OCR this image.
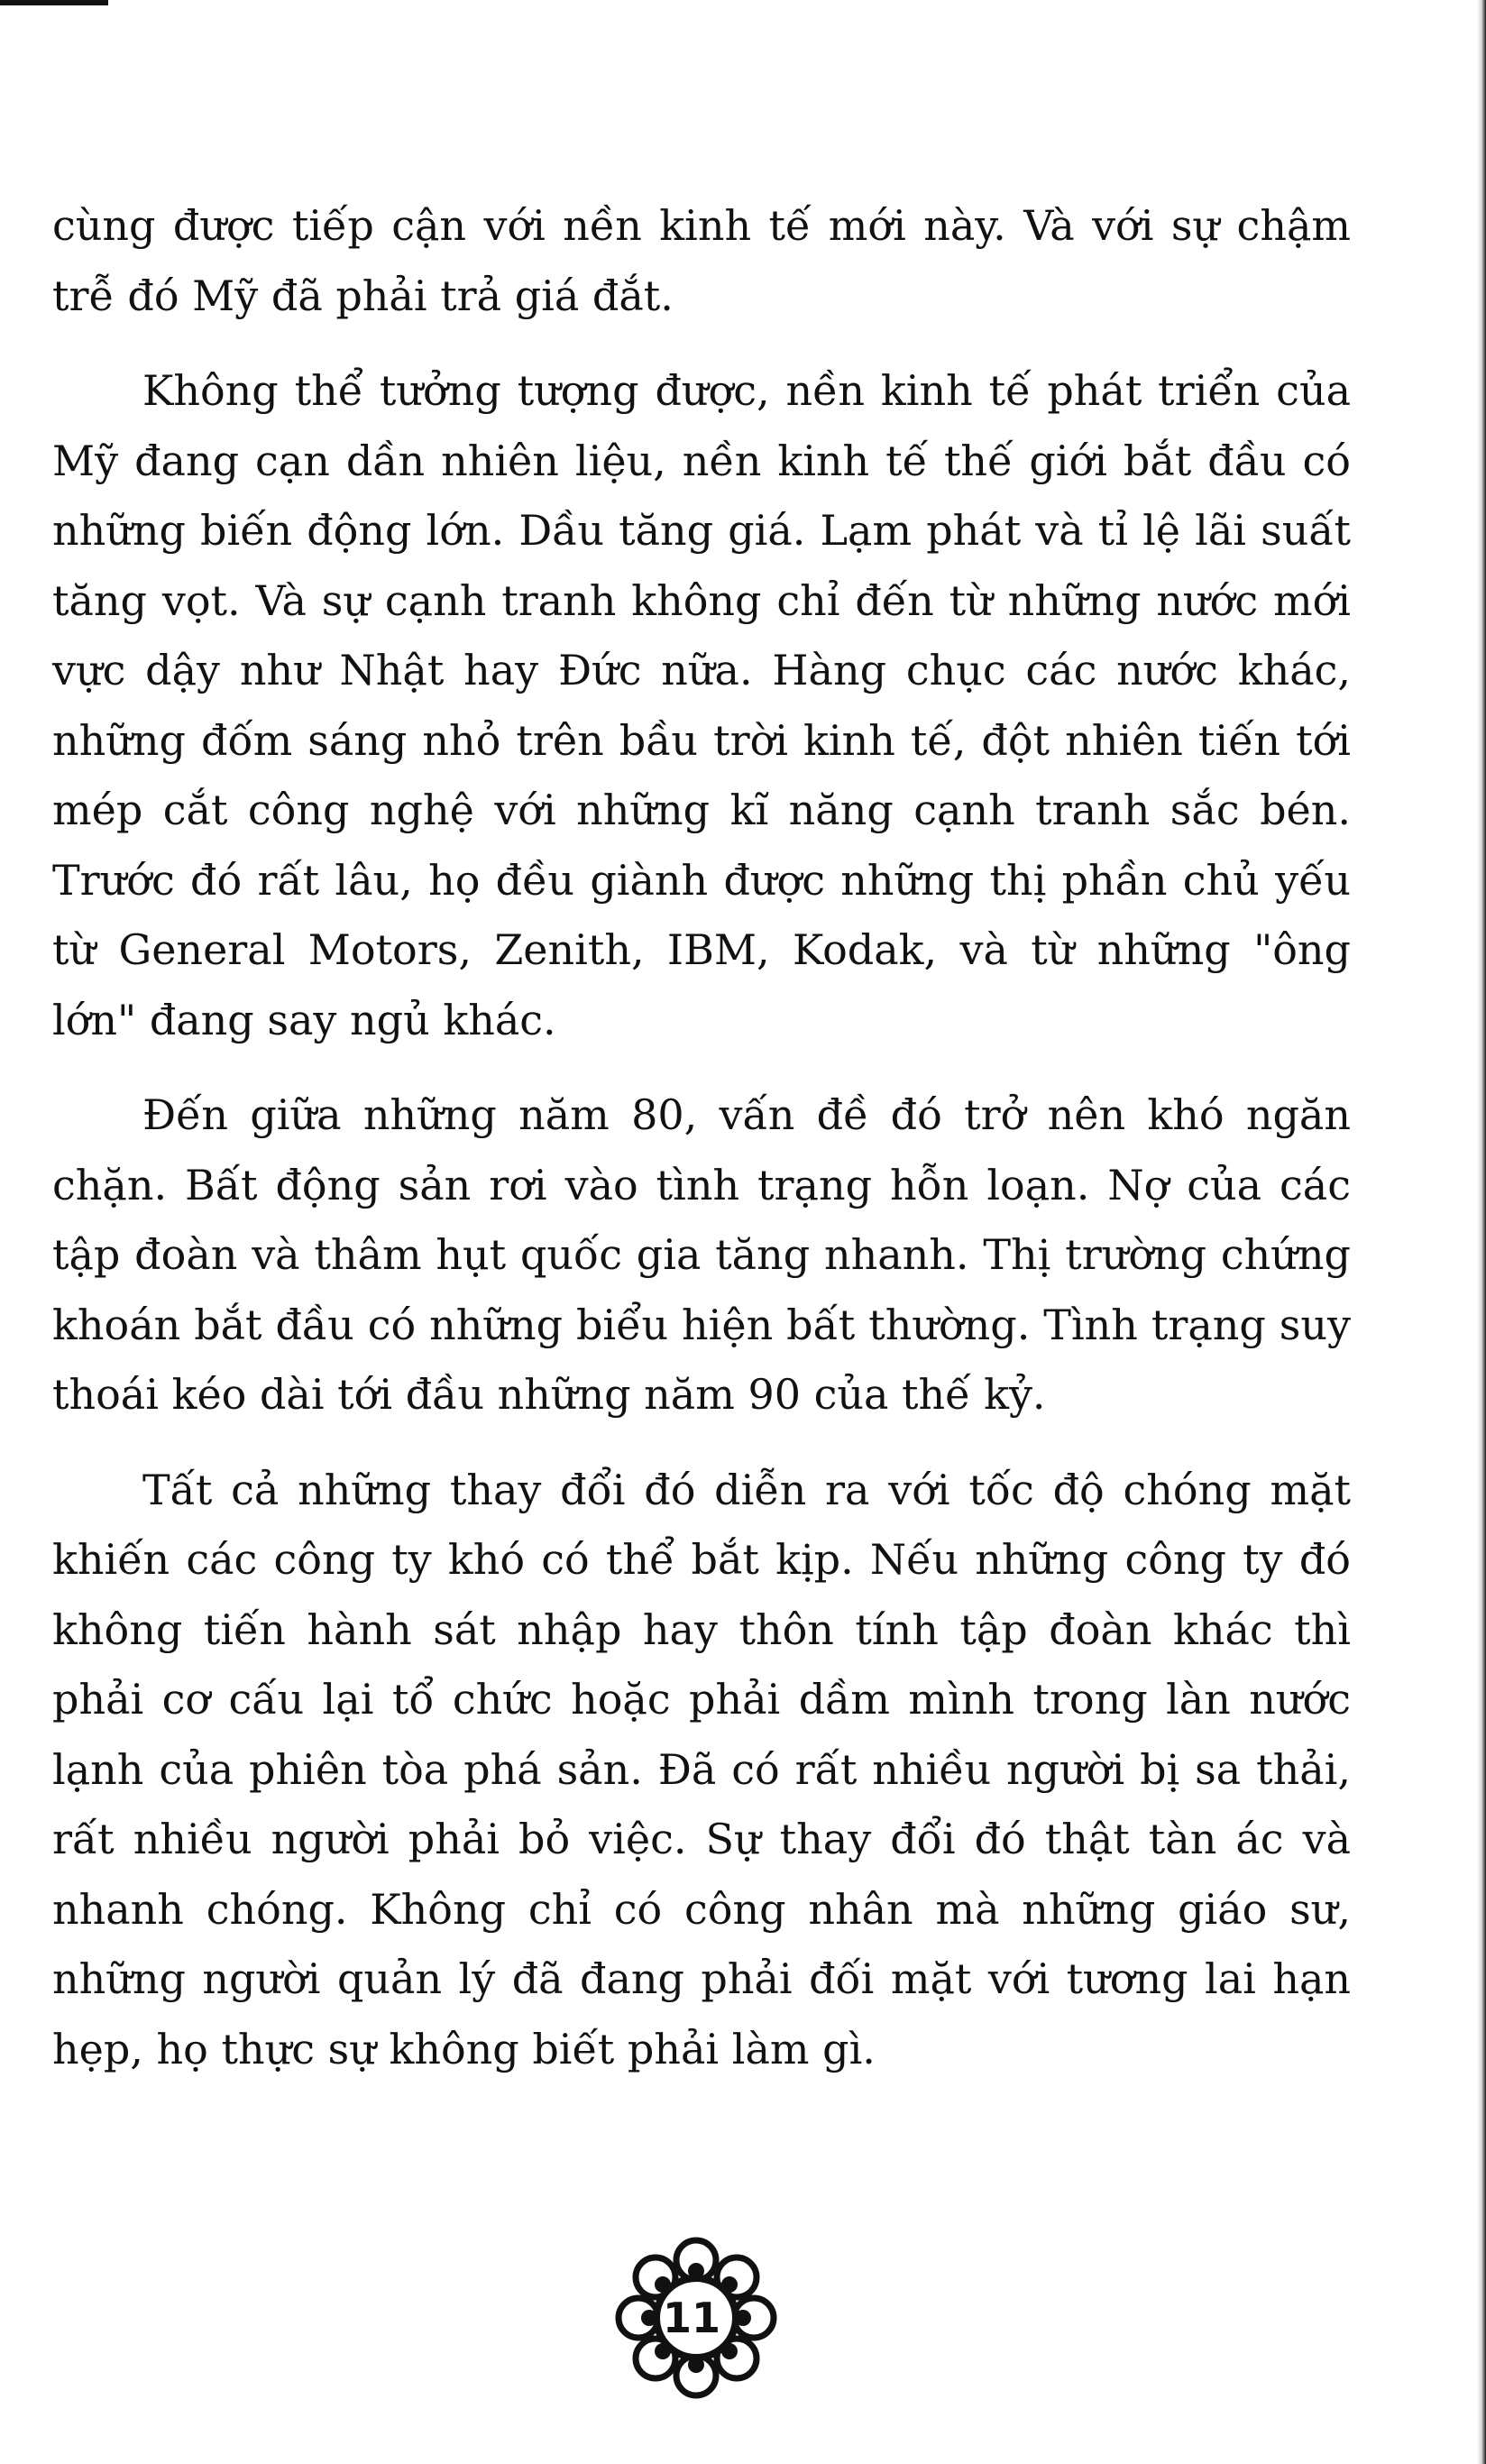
cùng được tiếp cận với nền kinh tế mới này. Và với sự chậm trễ đó Mỹ đã phải trả giá đắt.

Không thể tưởng tượng được, nền kinh tế phát triển của Mỹ đang cạn dần nhiên liệu, nền kinh tế thế giới bắt đầu có những biến động lớn. Dầu tăng giá. Lạm phát và tỉ lệ lãi suất tăng vọt. Và sự cạnh tranh không chỉ đến từ những nước mới vực dậy như Nhật hay Đức nữa. Hàng chục các nước khác, những đốm sáng nhỏ trên bầu trời kinh tế, đột nhiên tiến tới mép cắt công nghệ với những kĩ năng cạnh tranh sắc bén. Trước đó rất lâu, họ đều giành được những thị phần chủ yếu từ General Motors, Zenith, IBM, Kodak, và từ những "ông lớn" đang say ngủ khác.

Đến giữa những năm 80, vấn đề đó trở nên khó ngăn chặn. Bất động sản rơi vào tình trạng hỗn loạn. Nợ của các tập đoàn và thâm hụt quốc gia tăng nhanh. Thị trường chứng khoán bắt đầu có những biểu hiện bất thường. Tình trạng suy thoái kéo dài tới đầu những năm 90 của thế kỷ.

Tất cả những thay đổi đó diễn ra với tốc độ chóng mặt khiến các công ty khó có thể bắt kịp. Nếu những công ty đó không tiến hành sát nhập hay thôn tính tập đoàn khác thì phải cơ cấu lại tổ chức hoặc phải dầm mình trong làn nước lạnh của phiên tòa phá sản. Đã có rất nhiều người bị sa thải, rất nhiều người phải bỏ việc. Sự thay đổi đó thật tàn ác và nhanh chóng. Không chỉ có công nhân mà những giáo sư, những người quản lý đã đang phải đối mặt với tương lai hạn hẹp, họ thực sự không biết phải làm gì.

11
